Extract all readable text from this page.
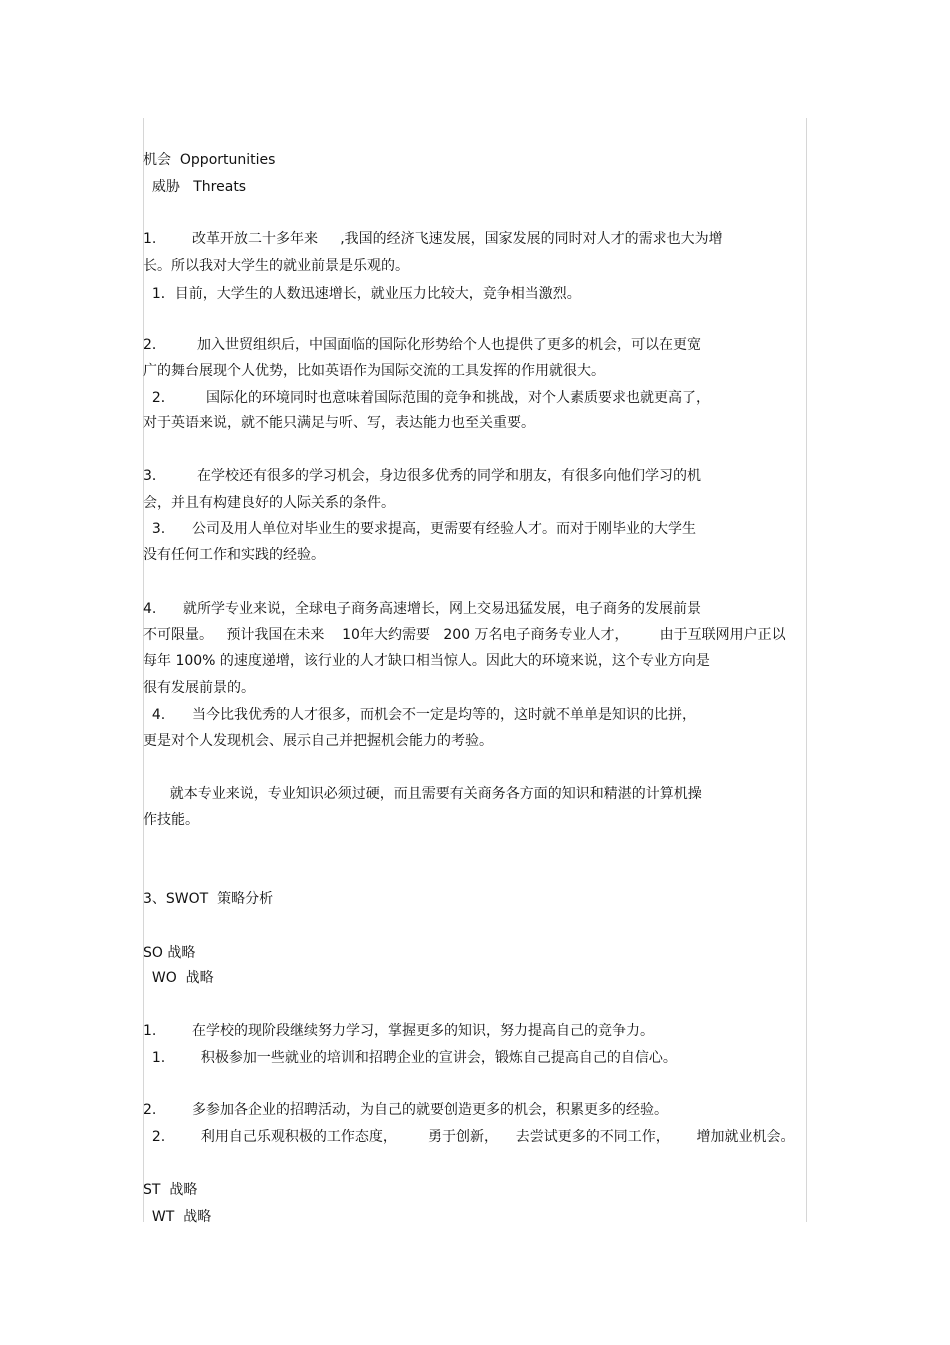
机会  Opportunities
威胁   Threats
1.        改革开放二十多年来     ,我国的经济飞速发展，国家发展的同时对人才的需求也大为增
长。所以我对大学生的就业前景是乐观的。
1．目前，大学生的人数迅速增长，就业压力比较大，竞争相当激烈。
2．       加入世贸组织后，中国面临的国际化形势给个人也提供了更多的机会，可以在更宽
广的舞台展现个人优势，比如英语作为国际交流的工具发挥的作用就很大。
2．       国际化的环境同时也意味着国际范围的竞争和挑战，对个人素质要求也就更高了，
对于英语来说，就不能只满足与听、写，表达能力也至关重要。
3．       在学校还有很多的学习机会，身边很多优秀的同学和朋友，有很多向他们学习的机
会，并且有构建良好的人际关系的条件。
3.      公司及用人单位对毕业生的要求提高，更需要有经验人才。而对于刚毕业的大学生
没有任何工作和实践的经验。
4.      就所学专业来说，全球电子商务高速增长，网上交易迅猛发展，电子商务的发展前景
不可限量。   预计我国在未来    10年大约需要   200 万名电子商务专业人才，       由于互联网用户正以
每年 100% 的速度递增，该行业的人才缺口相当惊人。因此大的环境来说，这个专业方向是
很有发展前景的。
4.      当今比我优秀的人才很多，而机会不一定是均等的，这时就不单单是知识的比拼，
更是对个人发现机会、展示自己并把握机会能力的考验。
就本专业来说，专业知识必须过硬，而且需要有关商务各方面的知识和精湛的计算机操
作技能。
3、SWOT  策略分析
SO 战略
WO  战略
1.        在学校的现阶段继续努力学习，掌握更多的知识，努力提高自己的竞争力。
1.        积极参加一些就业的培训和招聘企业的宣讲会，锻炼自己提高自己的自信心。
2.        多参加各企业的招聘活动，为自己的就要创造更多的机会，积累更多的经验。
2.        利用自己乐观积极的工作态度，       勇于创新，    去尝试更多的不同工作，      增加就业机会。
ST  战略
WT  战略
